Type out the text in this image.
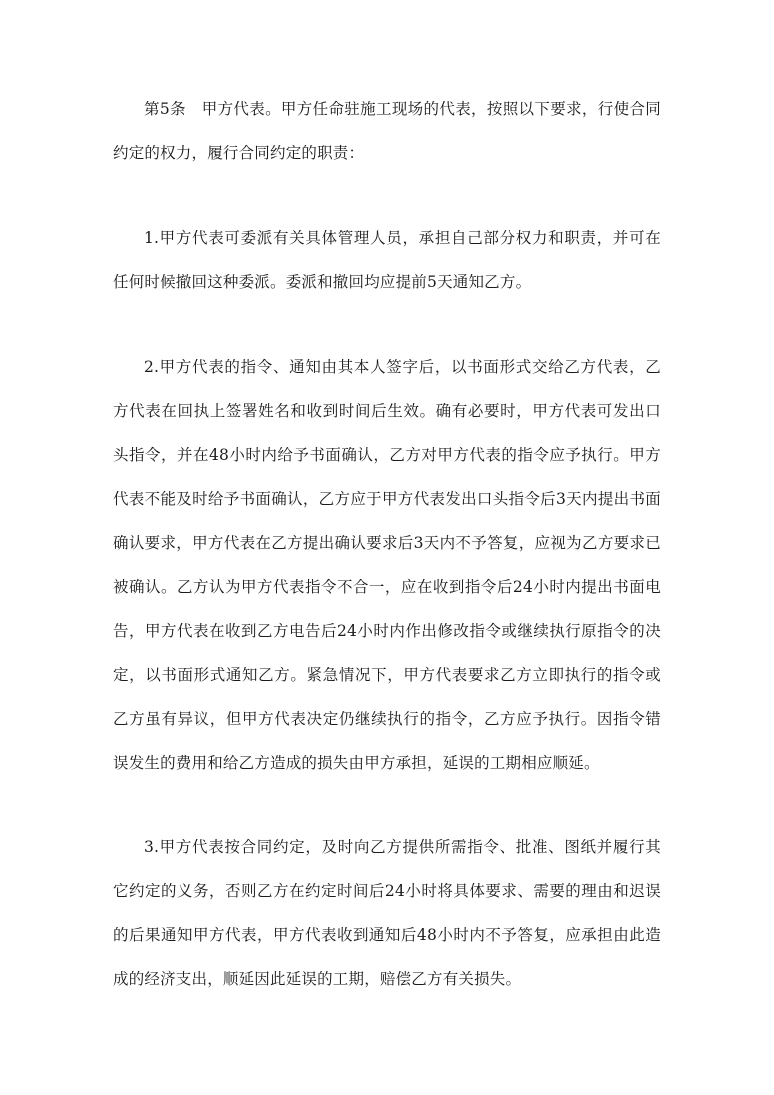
第5条　甲方代表。甲方任命驻施工现场的代表，按照以下要求，行使合同约定的权力，履行合同约定的职责：

1.甲方代表可委派有关具体管理人员，承担自己部分权力和职责，并可在任何时候撤回这种委派。委派和撤回均应提前5天通知乙方。

2.甲方代表的指令、通知由其本人签字后，以书面形式交给乙方代表，乙方代表在回执上签署姓名和收到时间后生效。确有必要时，甲方代表可发出口头指令，并在48小时内给予书面确认，乙方对甲方代表的指令应予执行。甲方代表不能及时给予书面确认，乙方应于甲方代表发出口头指令后3天内提出书面确认要求，甲方代表在乙方提出确认要求后3天内不予答复，应视为乙方要求已被确认。乙方认为甲方代表指令不合一，应在收到指令后24小时内提出书面电告，甲方代表在收到乙方电告后24小时内作出修改指令或继续执行原指令的决定，以书面形式通知乙方。紧急情况下，甲方代表要求乙方立即执行的指令或乙方虽有异议，但甲方代表决定仍继续执行的指令，乙方应予执行。因指令错误发生的费用和给乙方造成的损失由甲方承担，延误的工期相应顺延。

3.甲方代表按合同约定，及时向乙方提供所需指令、批准、图纸并履行其它约定的义务，否则乙方在约定时间后24小时将具体要求、需要的理由和迟误的后果通知甲方代表，甲方代表收到通知后48小时内不予答复，应承担由此造成的经济支出，顺延因此延误的工期，赔偿乙方有关损失。
